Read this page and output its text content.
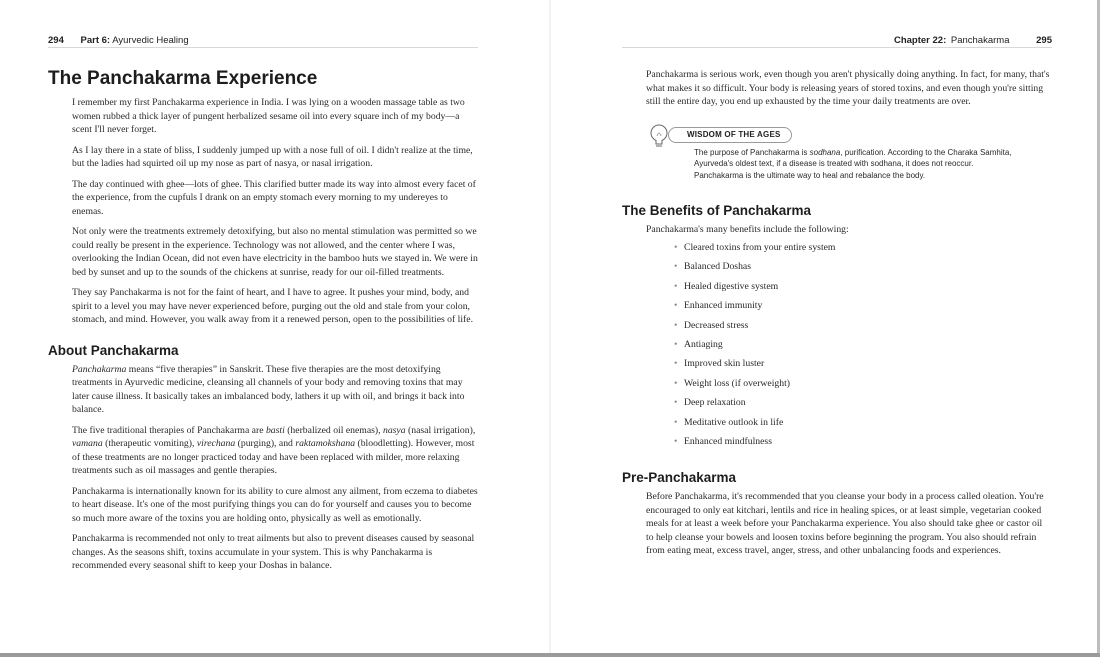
294 Part 6: Ayurvedic Healing
The Panchakarma Experience

I remember my first Panchakarma experience in India. I was lying on a wooden massage table as two women rubbed a thick layer of pungent herbalized sesame oil into every square inch of my body—a scent I'll never forget.

As I lay there in a state of bliss, I suddenly jumped up with a nose full of oil. I didn't realize at the time, but the ladies had squirted oil up my nose as part of nasya, or nasal irrigation.

The day continued with ghee—lots of ghee. This clarified butter made its way into almost every facet of the experience, from the cupfuls I drank on an empty stomach every morning to my undereyes to enemas.

Not only were the treatments extremely detoxifying, but also no mental stimulation was permitted so we could really be present in the experience. Technology was not allowed, and the center where I was, overlooking the Indian Ocean, did not even have electricity in the bamboo huts we stayed in. We were in bed by sunset and up to the sounds of the chickens at sunrise, ready for our oil-filled treatments.

They say Panchakarma is not for the faint of heart, and I have to agree. It pushes your mind, body, and spirit to a level you may have never experienced before, purging out the old and stale from your colon, stomach, and mind. However, you walk away from it a renewed person, open to the possibilities of life.

About Panchakarma

Panchakarma means “five therapies” in Sanskrit. These five therapies are the most detoxifying treatments in Ayurvedic medicine, cleansing all channels of your body and removing toxins that may later cause illness. It basically takes an imbalanced body, lathers it up with oil, and brings it back into balance.

The five traditional therapies of Panchakarma are basti (herbalized oil enemas), nasya (nasal irrigation), vamana (therapeutic vomiting), virechana (purging), and raktamokshana (bloodletting). However, most of these treatments are no longer practiced today and have been replaced with milder, more relaxing treatments such as oil massages and gentle therapies.

Panchakarma is internationally known for its ability to cure almost any ailment, from eczema to diabetes to heart disease. It's one of the most purifying things you can do for yourself and causes you to become so much more aware of the toxins you are holding onto, physically as well as emotionally.

Panchakarma is recommended not only to treat ailments but also to prevent diseases caused by seasonal changes. As the seasons shift, toxins accumulate in your system. This is why Panchakarma is recommended every seasonal shift to keep your Doshas in balance.

Chapter 22: Panchakarma	295

Panchakarma is serious work, even though you aren't physically doing anything. In fact, for many, that's what makes it so difficult. Your body is releasing years of stored toxins, and even though you're sitting still the entire day, you end up exhausted by the time your daily treatments are over.

WISDOM OF THE AGES
The purpose of Panchakarma is sodhana, purification. According to the Charaka Samhita, Ayurveda's oldest text, if a disease is treated with sodhana, it does not reoccur. Panchakarma is the ultimate way to heal and rebalance the body.
The Benefits of Panchakarma

Panchakarma's many benefits include the following:

• Cleared toxins from your entire system
• Balanced Doshas
• Healed digestive system
• Enhanced immunity
• Decreased stress
• Antiaging
• Improved skin luster
• Weight loss (if overweight)
• Deep relaxation
• Meditative outlook in life
• Enhanced mindfulness
Pre-Panchakarma

Before Panchakarma, it's recommended that you cleanse your body in a process called oleation. You're encouraged to only eat kitchari, lentils and rice in healing spices, or at least simple, vegetarian cooked meals for at least a week before your Panchakarma experience. You also should take ghee or castor oil to help cleanse your bowels and loosen toxins before beginning the program. You also should refrain from eating meat, excess travel, anger, stress, and other unbalancing foods and experiences.
